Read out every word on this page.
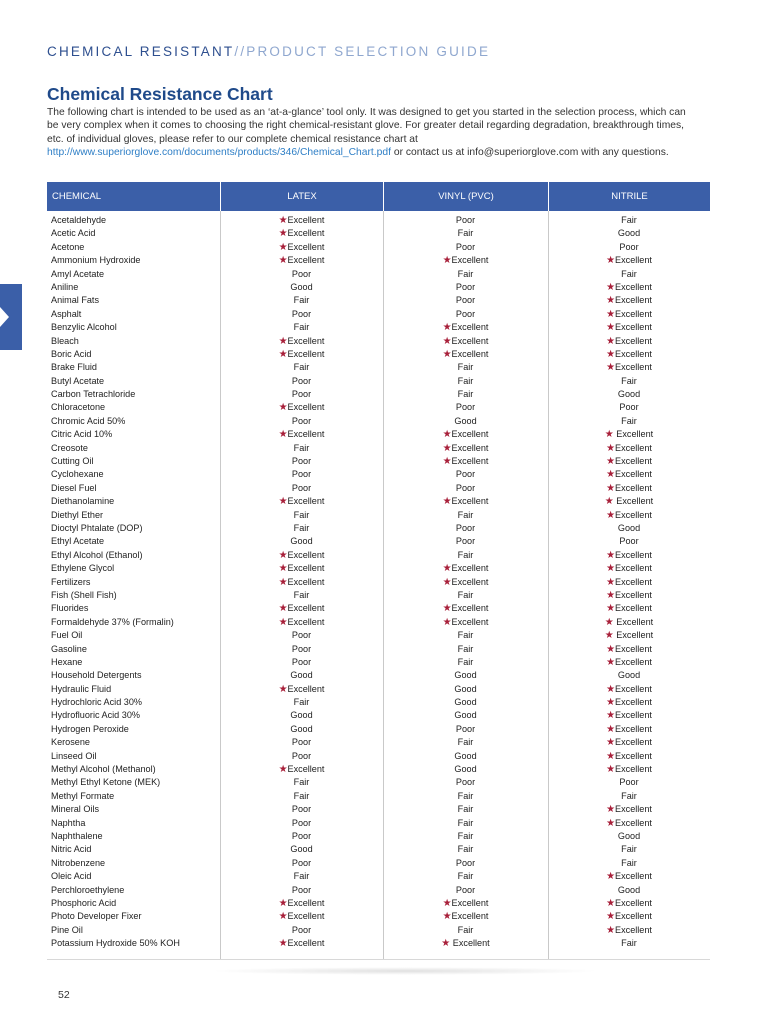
CHEMICAL RESISTANT//PRODUCT SELECTION GUIDE
Chemical Resistance Chart
The following chart is intended to be used as an ‘at-a-glance’ tool only. It was designed to get you started in the selection process, which can be very complex when it comes to choosing the right chemical-resistant glove. For greater detail regarding degradation, breakthrough times, etc. of individual gloves, please refer to our complete chemical resistance chart at http://www.superiorglove.com/documents/products/346/Chemical_Chart.pdf or contact us at info@superiorglove.com with any questions.
CHEMICAL	LATEX	VINYL (PVC)	NITRILE
Acetaldehyde	★Excellent	Poor	Fair
Acetic Acid	★Excellent	Fair	Good
Acetone	★Excellent	Poor	Poor
Ammonium Hydroxide	★Excellent	★Excellent	★Excellent
Amyl Acetate	Poor	Fair	Fair
Aniline	Good	Poor	★Excellent
Animal Fats	Fair	Poor	★Excellent
Asphalt	Poor	Poor	★Excellent
Benzylic Alcohol	Fair	★Excellent	★Excellent
Bleach	★Excellent	★Excellent	★Excellent
Boric Acid	★Excellent	★Excellent	★Excellent
Brake Fluid	Fair	Fair	★Excellent
Butyl Acetate	Poor	Fair	Fair
Carbon Tetrachloride	Poor	Fair	Good
Chloracetone	★Excellent	Poor	Poor
Chromic Acid 50%	Poor	Good	Fair
Citric Acid 10%	★Excellent	★Excellent	★ Excellent
Creosote	Fair	★Excellent	★Excellent
Cutting Oil	Poor	★Excellent	★Excellent
Cyclohexane	Poor	Poor	★Excellent
Diesel Fuel	Poor	Poor	★Excellent
Diethanolamine	★Excellent	★Excellent	★ Excellent
Diethyl Ether	Fair	Fair	★Excellent
Dioctyl Phtalate (DOP)	Fair	Poor	Good
Ethyl Acetate	Good	Poor	Poor
Ethyl Alcohol (Ethanol)	★Excellent	Fair	★Excellent
Ethylene Glycol	★Excellent	★Excellent	★Excellent
Fertilizers	★Excellent	★Excellent	★Excellent
Fish (Shell Fish)	Fair	Fair	★Excellent
Fluorides	★Excellent	★Excellent	★Excellent
Formaldehyde 37% (Formalin)	★Excellent	★Excellent	★ Excellent
Fuel Oil	Poor	Fair	★ Excellent
Gasoline	Poor	Fair	★Excellent
Hexane	Poor	Fair	★Excellent
Household Detergents	Good	Good	Good
Hydraulic Fluid	★Excellent	Good	★Excellent
Hydrochloric Acid 30%	Fair	Good	★Excellent
Hydrofluoric Acid 30%	Good	Good	★Excellent
Hydrogen Peroxide	Good	Poor	★Excellent
Kerosene	Poor	Fair	★Excellent
Linseed Oil	Poor	Good	★Excellent
Methyl Alcohol (Methanol)	★Excellent	Good	★Excellent
Methyl Ethyl Ketone (MEK)	Fair	Poor	Poor
Methyl Formate	Fair	Fair	Fair
Mineral Oils	Poor	Fair	★Excellent
Naphtha	Poor	Fair	★Excellent
Naphthalene	Poor	Fair	Good
Nitric Acid	Good	Fair	Fair
Nitrobenzene	Poor	Poor	Fair
Oleic Acid	Fair	Fair	★Excellent
Perchloroethylene	Poor	Poor	Good
Phosphoric Acid	★Excellent	★Excellent	★Excellent
Photo Developer Fixer	★Excellent	★Excellent	★Excellent
Pine Oil	Poor	Fair	★Excellent
Potassium Hydroxide 50% KOH	★Excellent	★ Excellent	Fair
52
